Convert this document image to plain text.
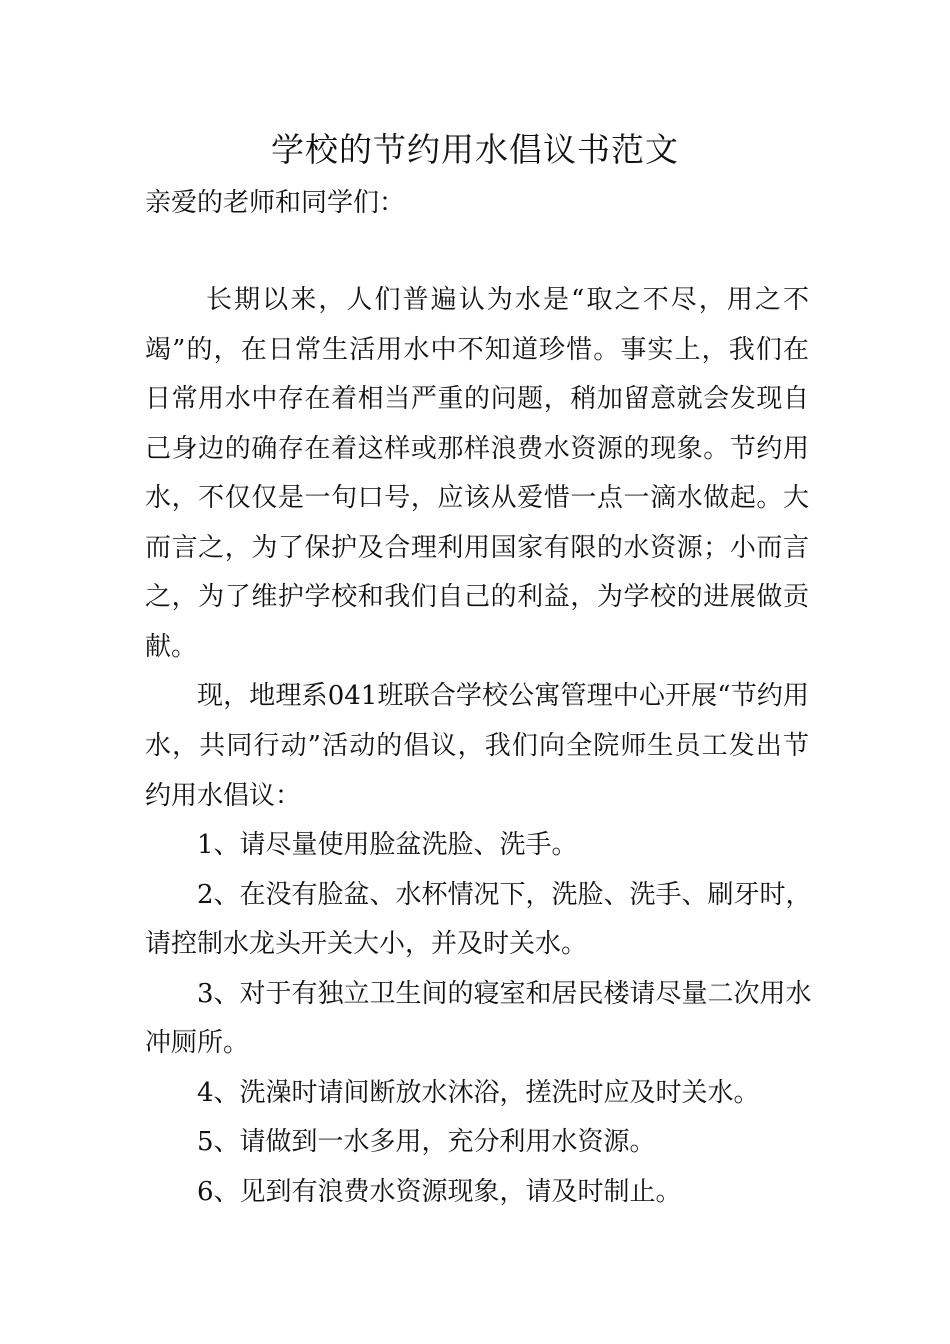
学校的节约用水倡议书范文
亲爱的老师和同学们：
长期以来，人们普遍认为水是“取之不尽，用之不
竭”的，在日常生活用水中不知道珍惜。事实上，我们在
日常用水中存在着相当严重的问题，稍加留意就会发现自
己身边的确存在着这样或那样浪费水资源的现象。节约用
水，不仅仅是一句口号，应该从爱惜一点一滴水做起。大
而言之，为了保护及合理利用国家有限的水资源；小而言
之，为了维护学校和我们自己的利益，为学校的进展做贡
献。
现，地理系041班联合学校公寓管理中心开展“节约用
水，共同行动”活动的倡议，我们向全院师生员工发出节
约用水倡议：
1、请尽量使用脸盆洗脸、洗手。
2、在没有脸盆、水杯情况下，洗脸、洗手、刷牙时，
请控制水龙头开关大小，并及时关水。
3、对于有独立卫生间的寝室和居民楼请尽量二次用水
冲厕所。
4、洗澡时请间断放水沐浴，搓洗时应及时关水。
5、请做到一水多用，充分利用水资源。
6、见到有浪费水资源现象，请及时制止。
